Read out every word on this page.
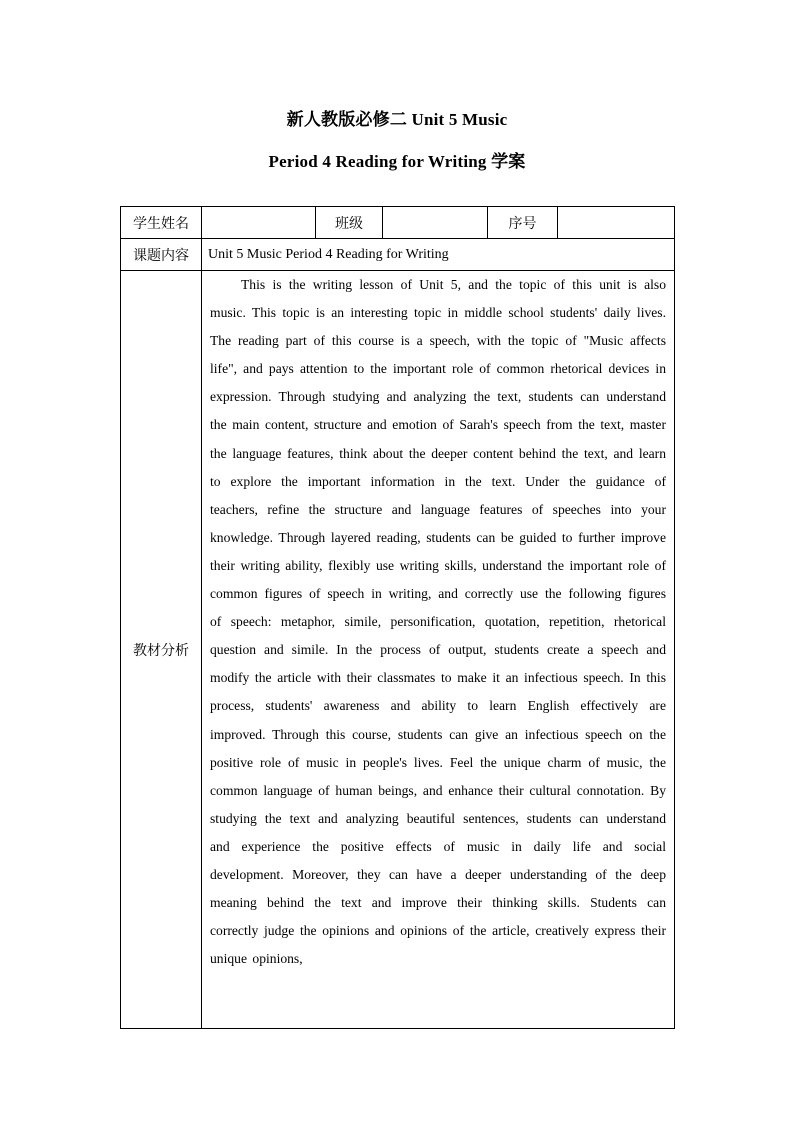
新人教版必修二 Unit 5 Music
Period 4 Reading for Writing 学案
学生姓名		班级		序号	
课题内容	Unit 5 Music Period 4 Reading for Writing				
教材分析	This is the writing lesson of Unit 5, and the topic of this unit is also music. This topic is an interesting topic in middle school students' daily lives. The reading part of this course is a speech, with the topic of "Music affects life", and pays attention to the important role of common rhetorical devices in expression. Through studying and analyzing the text, students can understand the main content, structure and emotion of Sarah's speech from the text, master the language features, think about the deeper content behind the text, and learn to explore the important information in the text. Under the guidance of teachers, refine the structure and language features of speeches into your knowledge. Through layered reading, students can be guided to further improve their writing ability, flexibly use writing skills, understand the important role of common figures of speech in writing, and correctly use the following figures of speech: metaphor, simile, personification, quotation, repetition, rhetorical question and simile. In the process of output, students create a speech and modify the article with their classmates to make it an infectious speech. In this process, students' awareness and ability to learn English effectively are improved. Through this course, students can give an infectious speech on the positive role of music in people's lives. Feel the unique charm of music, the common language of human beings, and enhance their cultural connotation. By studying the text and analyzing beautiful sentences, students can understand and experience the positive effects of music in daily life and social development. Moreover, they can have a deeper understanding of the deep meaning behind the text and improve their thinking skills. Students can correctly judge the opinions and opinions of the article, creatively express their unique opinions,				
